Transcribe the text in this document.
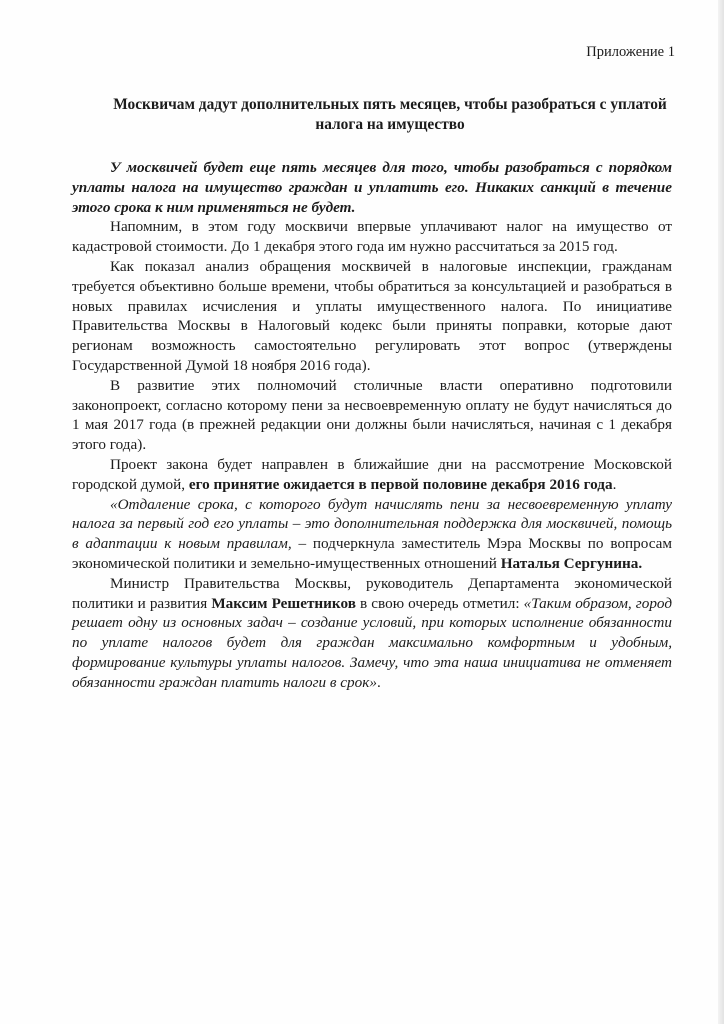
Приложение 1

Москвичам дадут дополнительных пять месяцев, чтобы разобраться с уплатой налога на имущество

У москвичей будет еще пять месяцев для того, чтобы разобраться с порядком уплаты налога на имущество граждан и уплатить его. Никаких санкций в течение этого срока к ним применяться не будет.

Напомним, в этом году москвичи впервые уплачивают налог на имущество от кадастровой стоимости. До 1 декабря этого года им нужно рассчитаться за 2015 год.

Как показал анализ обращения москвичей в налоговые инспекции, гражданам требуется объективно больше времени, чтобы обратиться за консультацией и разобраться в новых правилах исчисления и уплаты имущественного налога. По инициативе Правительства Москвы в Налоговый кодекс были приняты поправки, которые дают регионам возможность самостоятельно регулировать этот вопрос (утверждены Государственной Думой 18 ноября 2016 года).

В развитие этих полномочий столичные власти оперативно подготовили законопроект, согласно которому пени за несвоевременную оплату не будут начисляться до 1 мая 2017 года (в прежней редакции они должны были начисляться, начиная с 1 декабря этого года).

Проект закона будет направлен в ближайшие дни на рассмотрение Московской городской думой, его принятие ожидается в первой половине декабря 2016 года.

«Отдаление срока, с которого будут начислять пени за несвоевременную уплату налога за первый год его уплаты – это дополнительная поддержка для москвичей, помощь в адаптации к новым правилам, – подчеркнула заместитель Мэра Москвы по вопросам экономической политики и земельно-имущественных отношений Наталья Сергунина.

Министр Правительства Москвы, руководитель Департамента экономической политики и развития Максим Решетников в свою очередь отметил: «Таким образом, город решает одну из основных задач – создание условий, при которых исполнение обязанности по уплате налогов будет для граждан максимально комфортным и удобным, формирование культуры уплаты налогов. Замечу, что эта наша инициатива не отменяет обязанности граждан платить налоги в срок».
